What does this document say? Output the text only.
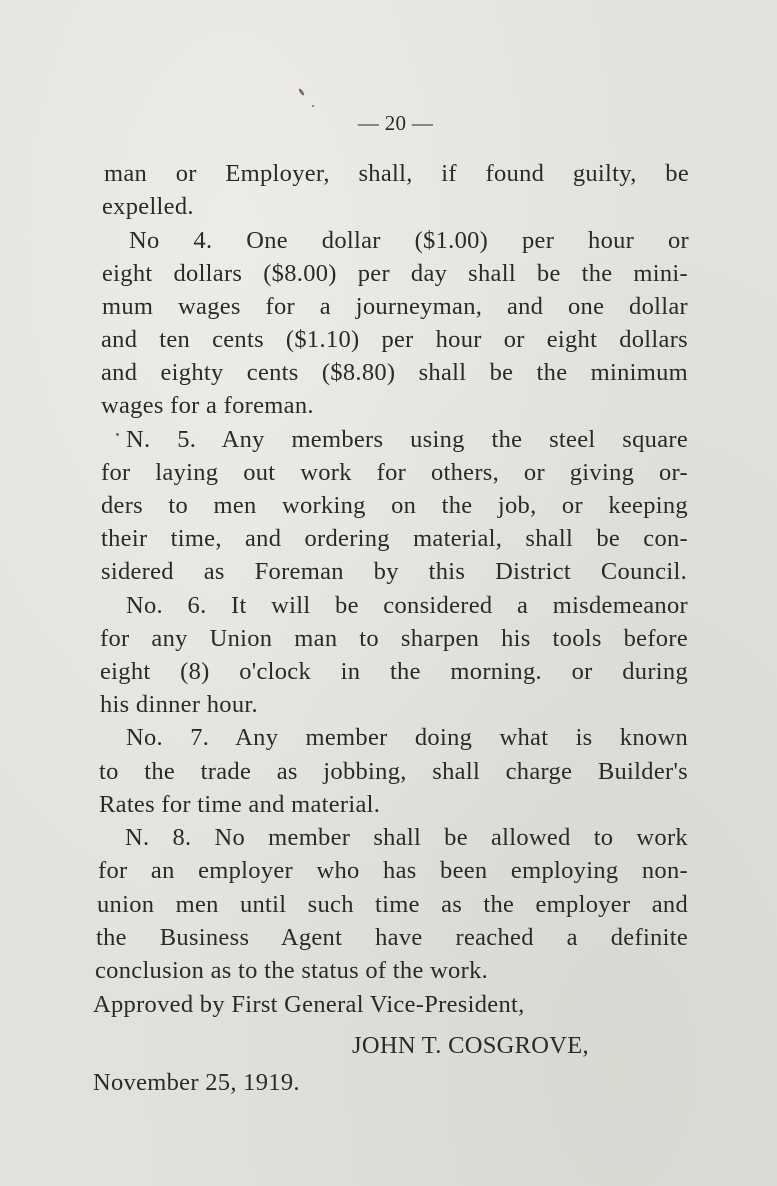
— 20 —
man or Employer, shall, if found guilty, be
expelled.
No 4. One dollar ($1.00) per hour or
eight dollars ($8.00) per day shall be the mini-
mum wages for a journeyman, and one dollar
and ten cents ($1.10) per hour or eight dollars
and eighty cents ($8.80) shall be the minimum
wages for a foreman.
N. 5. Any members using the steel square
for laying out work for others, or giving or-
ders to men working on the job, or keeping
their time, and ordering material, shall be con-
sidered as Foreman by this District Council.
No. 6. It will be considered a misdemeanor
for any Union man to sharpen his tools before
eight (8) o'clock in the morning. or during
his dinner hour.
No. 7. Any member doing what is known
to the trade as jobbing, shall charge Builder's
Rates for time and material.
N. 8. No member shall be allowed to work
for an employer who has been employing non-
union men until such time as the employer and
the Business Agent have reached a definite
conclusion as to the status of the work.
Approved by First General Vice-President,
JOHN T. COSGROVE,
November 25, 1919.
